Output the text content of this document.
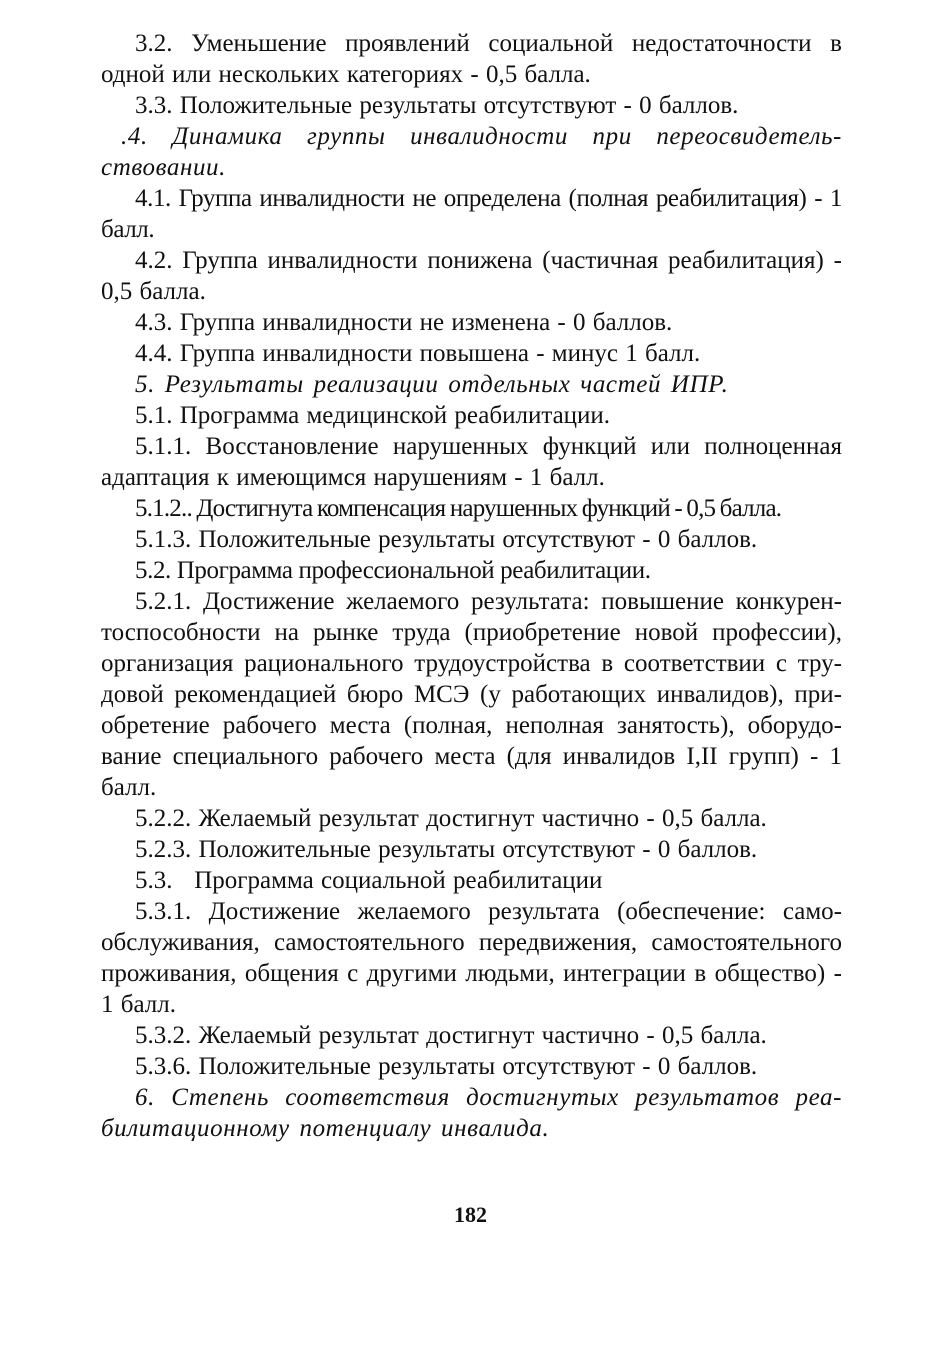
3.2. Уменьшение проявлений социальной недостаточности в одной или нескольких категориях - 0,5 балла.

3.3. Положительные результаты отсутствуют - 0 баллов.

.4. Динамика группы инвалидности при переосвидетель-ствовании.

4.1. Группа инвалидности не определена (полная реабилитация) - 1 балл.

4.2. Группа инвалидности понижена (частичная реабилитация) - 0,5 балла.

4.3. Группа инвалидности не изменена - 0 баллов.

4.4. Группа инвалидности повышена - минус 1 балл.

5. Результаты реализации отдельных частей ИПР.

5.1. Программа медицинской реабилитации.

5.1.1. Восстановление нарушенных функций или полноценная адаптация к имеющимся нарушениям - 1 балл.

5.1.2.. Достигнута компенсация нарушенных функций - 0,5 балла.

5.1.3. Положительные результаты отсутствуют - 0 баллов.

5.2. Программа профессиональной реабилитации.

5.2.1. Достижение желаемого результата: повышение конкурен-тоспособности на рынке труда (приобретение новой профессии), организация рационального трудоустройства в соответствии с тру-довой рекомендацией бюро МСЭ (у работающих инвалидов), при-обретение рабочего места (полная, неполная занятость), оборудо-вание специального рабочего места (для инвалидов I,II групп) - 1 балл.

5.2.2. Желаемый результат достигнут частично - 0,5 балла.

5.2.3. Положительные результаты отсутствуют - 0 баллов.

5.3.   Программа социальной реабилитации

5.3.1. Достижение желаемого результата (обеспечение: само-обслуживания, самостоятельного передвижения, самостоятельного проживания, общения с другими людьми, интеграции в общество) - 1 балл.

5.3.2. Желаемый результат достигнут частично - 0,5 балла.

5.3.6. Положительные результаты отсутствуют - 0 баллов.

6. Степень соответствия достигнутых результатов реа-билитационному потенциалу инвалида.

182
